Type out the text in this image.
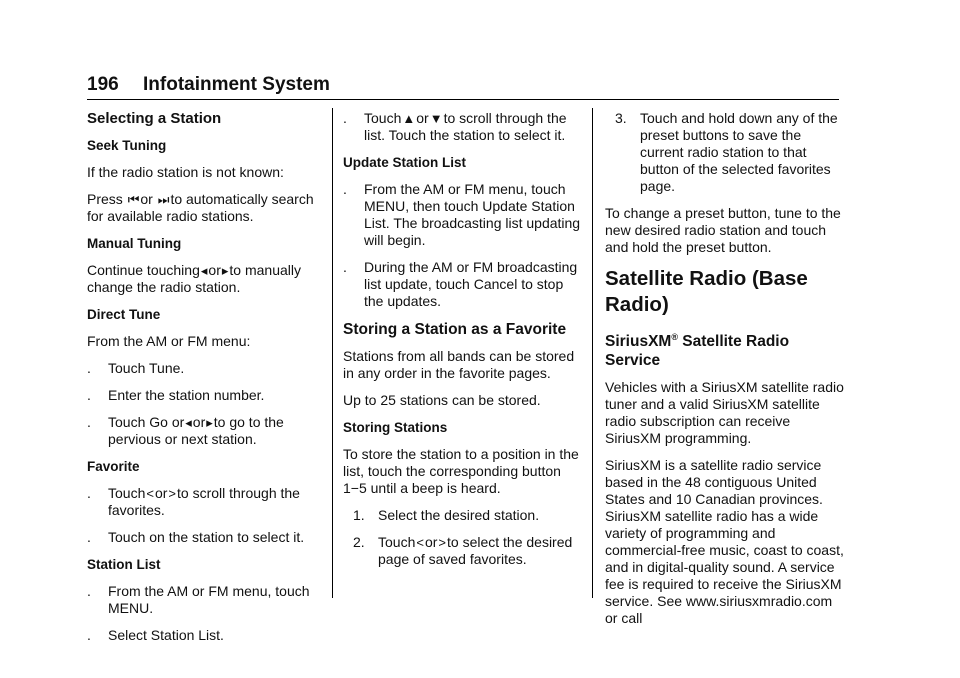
196 Infotainment System
Selecting a Station
Seek Tuning

If the radio station is not known:

Press ⏮or ⏭to automatically search for available radio stations.

Manual Tuning

Continue touching◂or▸to manually change the radio station.

Direct Tune

From the AM or FM menu:

. Touch Tune.
. Enter the station number.
. Touch Go or◂or▸to go to the pervious or next station.
Favorite
. Touch<or>to scroll through the favorites.
. Touch on the station to select it.
Station List
. From the AM or FM menu, touch MENU.
. Select Station List.
. Touch▲or▼to scroll through the list. Touch the station to select it.
Update Station List
. From the AM or FM menu, touch MENU, then touch Update Station List. The broadcasting list updating will begin.
. During the AM or FM broadcasting list update, touch Cancel to stop the updates.
Storing a Station as a Favorite

Stations from all bands can be stored in any order in the favorite pages.

Up to 25 stations can be stored.

Storing Stations

To store the station to a position in the list, touch the corresponding button 1−5 until a beep is heard.

1. Select the desired station.
2. Touch<or>to select the desired page of saved favorites.
3. Touch and hold down any of the preset buttons to save the current radio station to that button of the selected favorites page.

To change a preset button, tune to the new desired radio station and touch and hold the preset button.

Satellite Radio (Base Radio)
SiriusXM® Satellite Radio Service

Vehicles with a SiriusXM satellite radio tuner and a valid SiriusXM satellite radio subscription can receive SiriusXM programming.

SiriusXM is a satellite radio service based in the 48 contiguous United States and 10 Canadian provinces. SiriusXM satellite radio has a wide variety of programming and commercial-free music, coast to coast, and in digital-quality sound. A service fee is required to receive the SiriusXM service. See www.siriusxmradio.com or call
